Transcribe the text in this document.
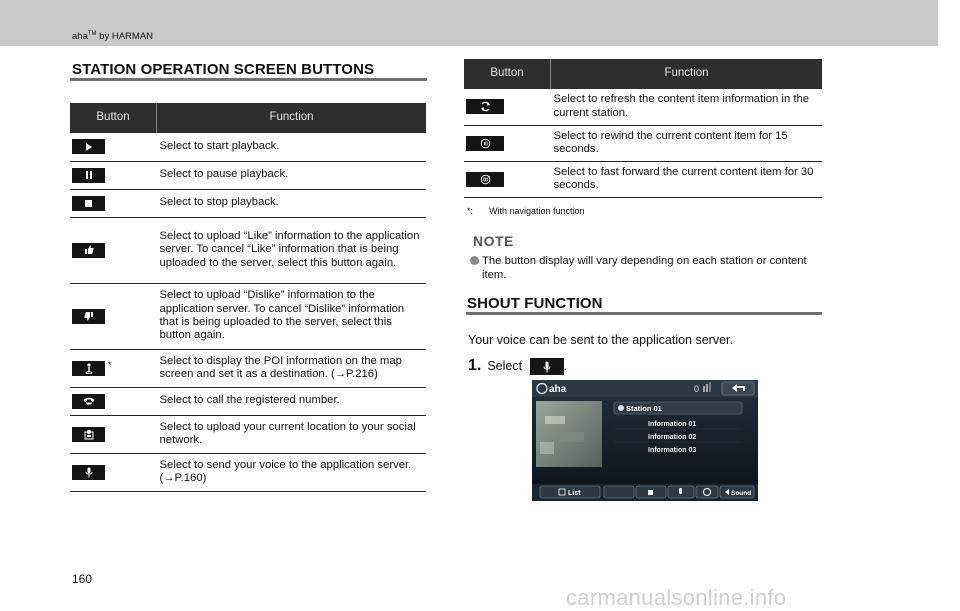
aha™ by HARMAN
STATION OPERATION SCREEN BUTTONS
Button	Function
	Select to start playback.
	Select to pause playback.
	Select to stop playback.
	Select to upload “Like” information to the application server. To cancel “Like” information that is being uploaded to the server, select this button again.
	Select to upload “Dislike” information to the application server. To cancel “Dislike” information that is being uploaded to the server, select this button again.

*	Select to display the POI information on the map screen and set it as a destination. (→P.216)
	Select to call the registered number.
	Select to upload your current location to your social network.
	Select to send your voice to the application server. (→P.160)
Button	Function
	Select to refresh the content item information in the current station.
	Select to rewind the current content item for 15 seconds.
	Select to fast forward the current content item for 30 seconds.
*: With navigation function
NOTE
The button display will vary depending on each station or content item.
SHOUT FUNCTION
Your voice can be sent to the application server.
1. Select	.
aha	0
Station 01
Information 01
Information 02
Information 03
List	Sound
160
carmanualsonline.info
